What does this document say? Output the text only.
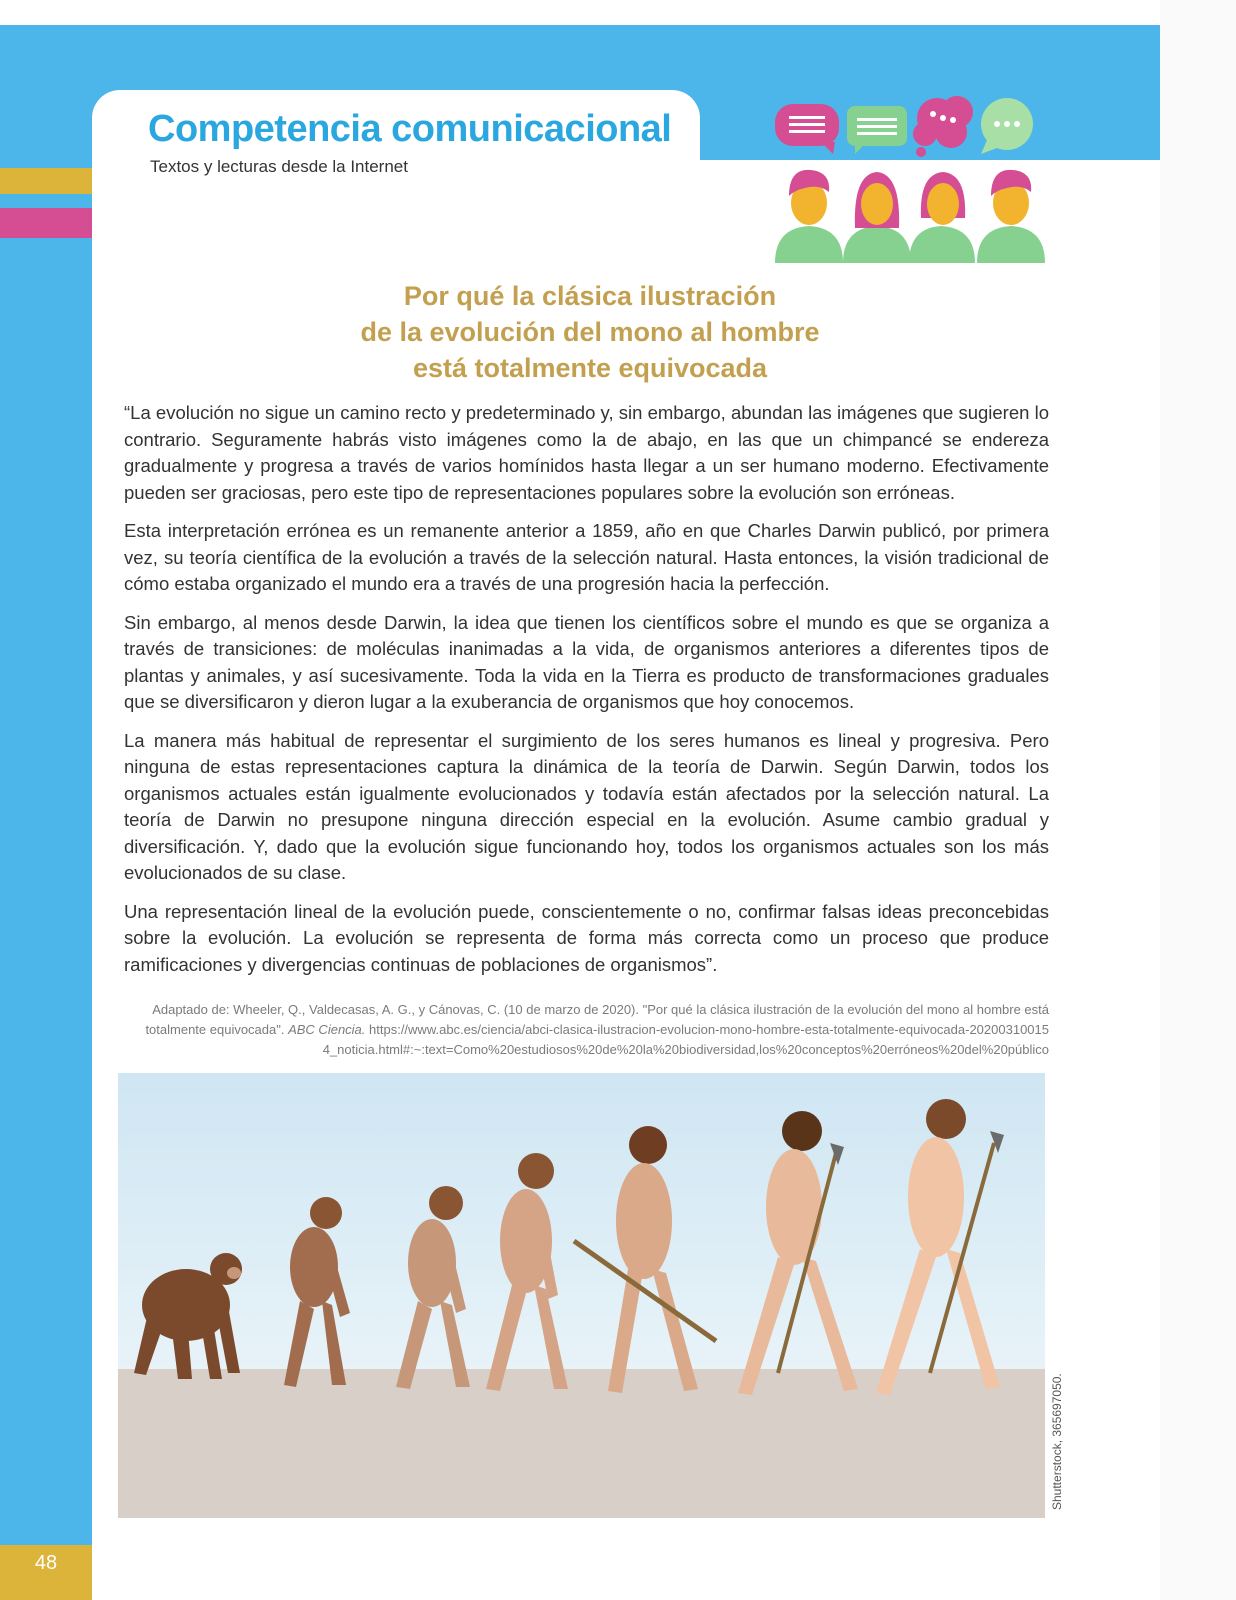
Competencia comunicacional

Textos y lecturas desde la Internet

Por qué la clásica ilustración
de la evolución del mono al hombre
está totalmente equivocada

“La evolución no sigue un camino recto y predeterminado y, sin embargo, abundan las imágenes que sugieren lo contrario. Seguramente habrás visto imágenes como la de abajo, en las que un chimpancé se endereza gradualmente y progresa a través de varios homínidos hasta llegar a un ser humano moderno. Efectivamente pueden ser graciosas, pero este tipo de representaciones populares sobre la evolución son erróneas.

Esta interpretación errónea es un remanente anterior a 1859, año en que Charles Darwin publicó, por primera vez, su teoría científica de la evolución a través de la selección natural. Hasta entonces, la visión tradicional de cómo estaba organizado el mundo era a través de una progresión hacia la perfección.

Sin embargo, al menos desde Darwin, la idea que tienen los científicos sobre el mundo es que se organiza a través de transiciones: de moléculas inanimadas a la vida, de organismos anteriores a diferentes tipos de plantas y animales, y así sucesivamente. Toda la vida en la Tierra es producto de transformaciones graduales que se diversificaron y dieron lugar a la exuberancia de organismos que hoy conocemos.

La manera más habitual de representar el surgimiento de los seres humanos es lineal y progresiva. Pero ninguna de estas representaciones captura la dinámica de la teoría de Darwin. Según Darwin, todos los organismos actuales están igualmente evolucionados y todavía están afectados por la selección natural. La teoría de Darwin no presupone ninguna dirección especial en la evolución. Asume cambio gradual y diversificación. Y, dado que la evolución sigue funcionando hoy, todos los organismos actuales son los más evolucionados de su clase.

Una representación lineal de la evolución puede, conscientemente o no, confirmar falsas ideas preconcebidas sobre la evolución. La evolución se representa de forma más correcta como un proceso que produce ramificaciones y divergencias continuas de poblaciones de organismos”.

Adaptado de: Wheeler, Q., Valdecasas, A. G., y Cánovas, C. (10 de marzo de 2020). "Por qué la clásica ilustración de la evolución del mono al hombre está totalmente equivocada". ABC Ciencia. https://www.abc.es/ciencia/abci-clasica-ilustracion-evolucion-mono-hombre-esta-totalmente-equivocada-20200310015 4_noticia.html#:~:text=Como%20estudiosos%20de%20la%20biodiversidad,los%20conceptos%20erróneos%20del%20público
Shutterstock, 365697050.
48
